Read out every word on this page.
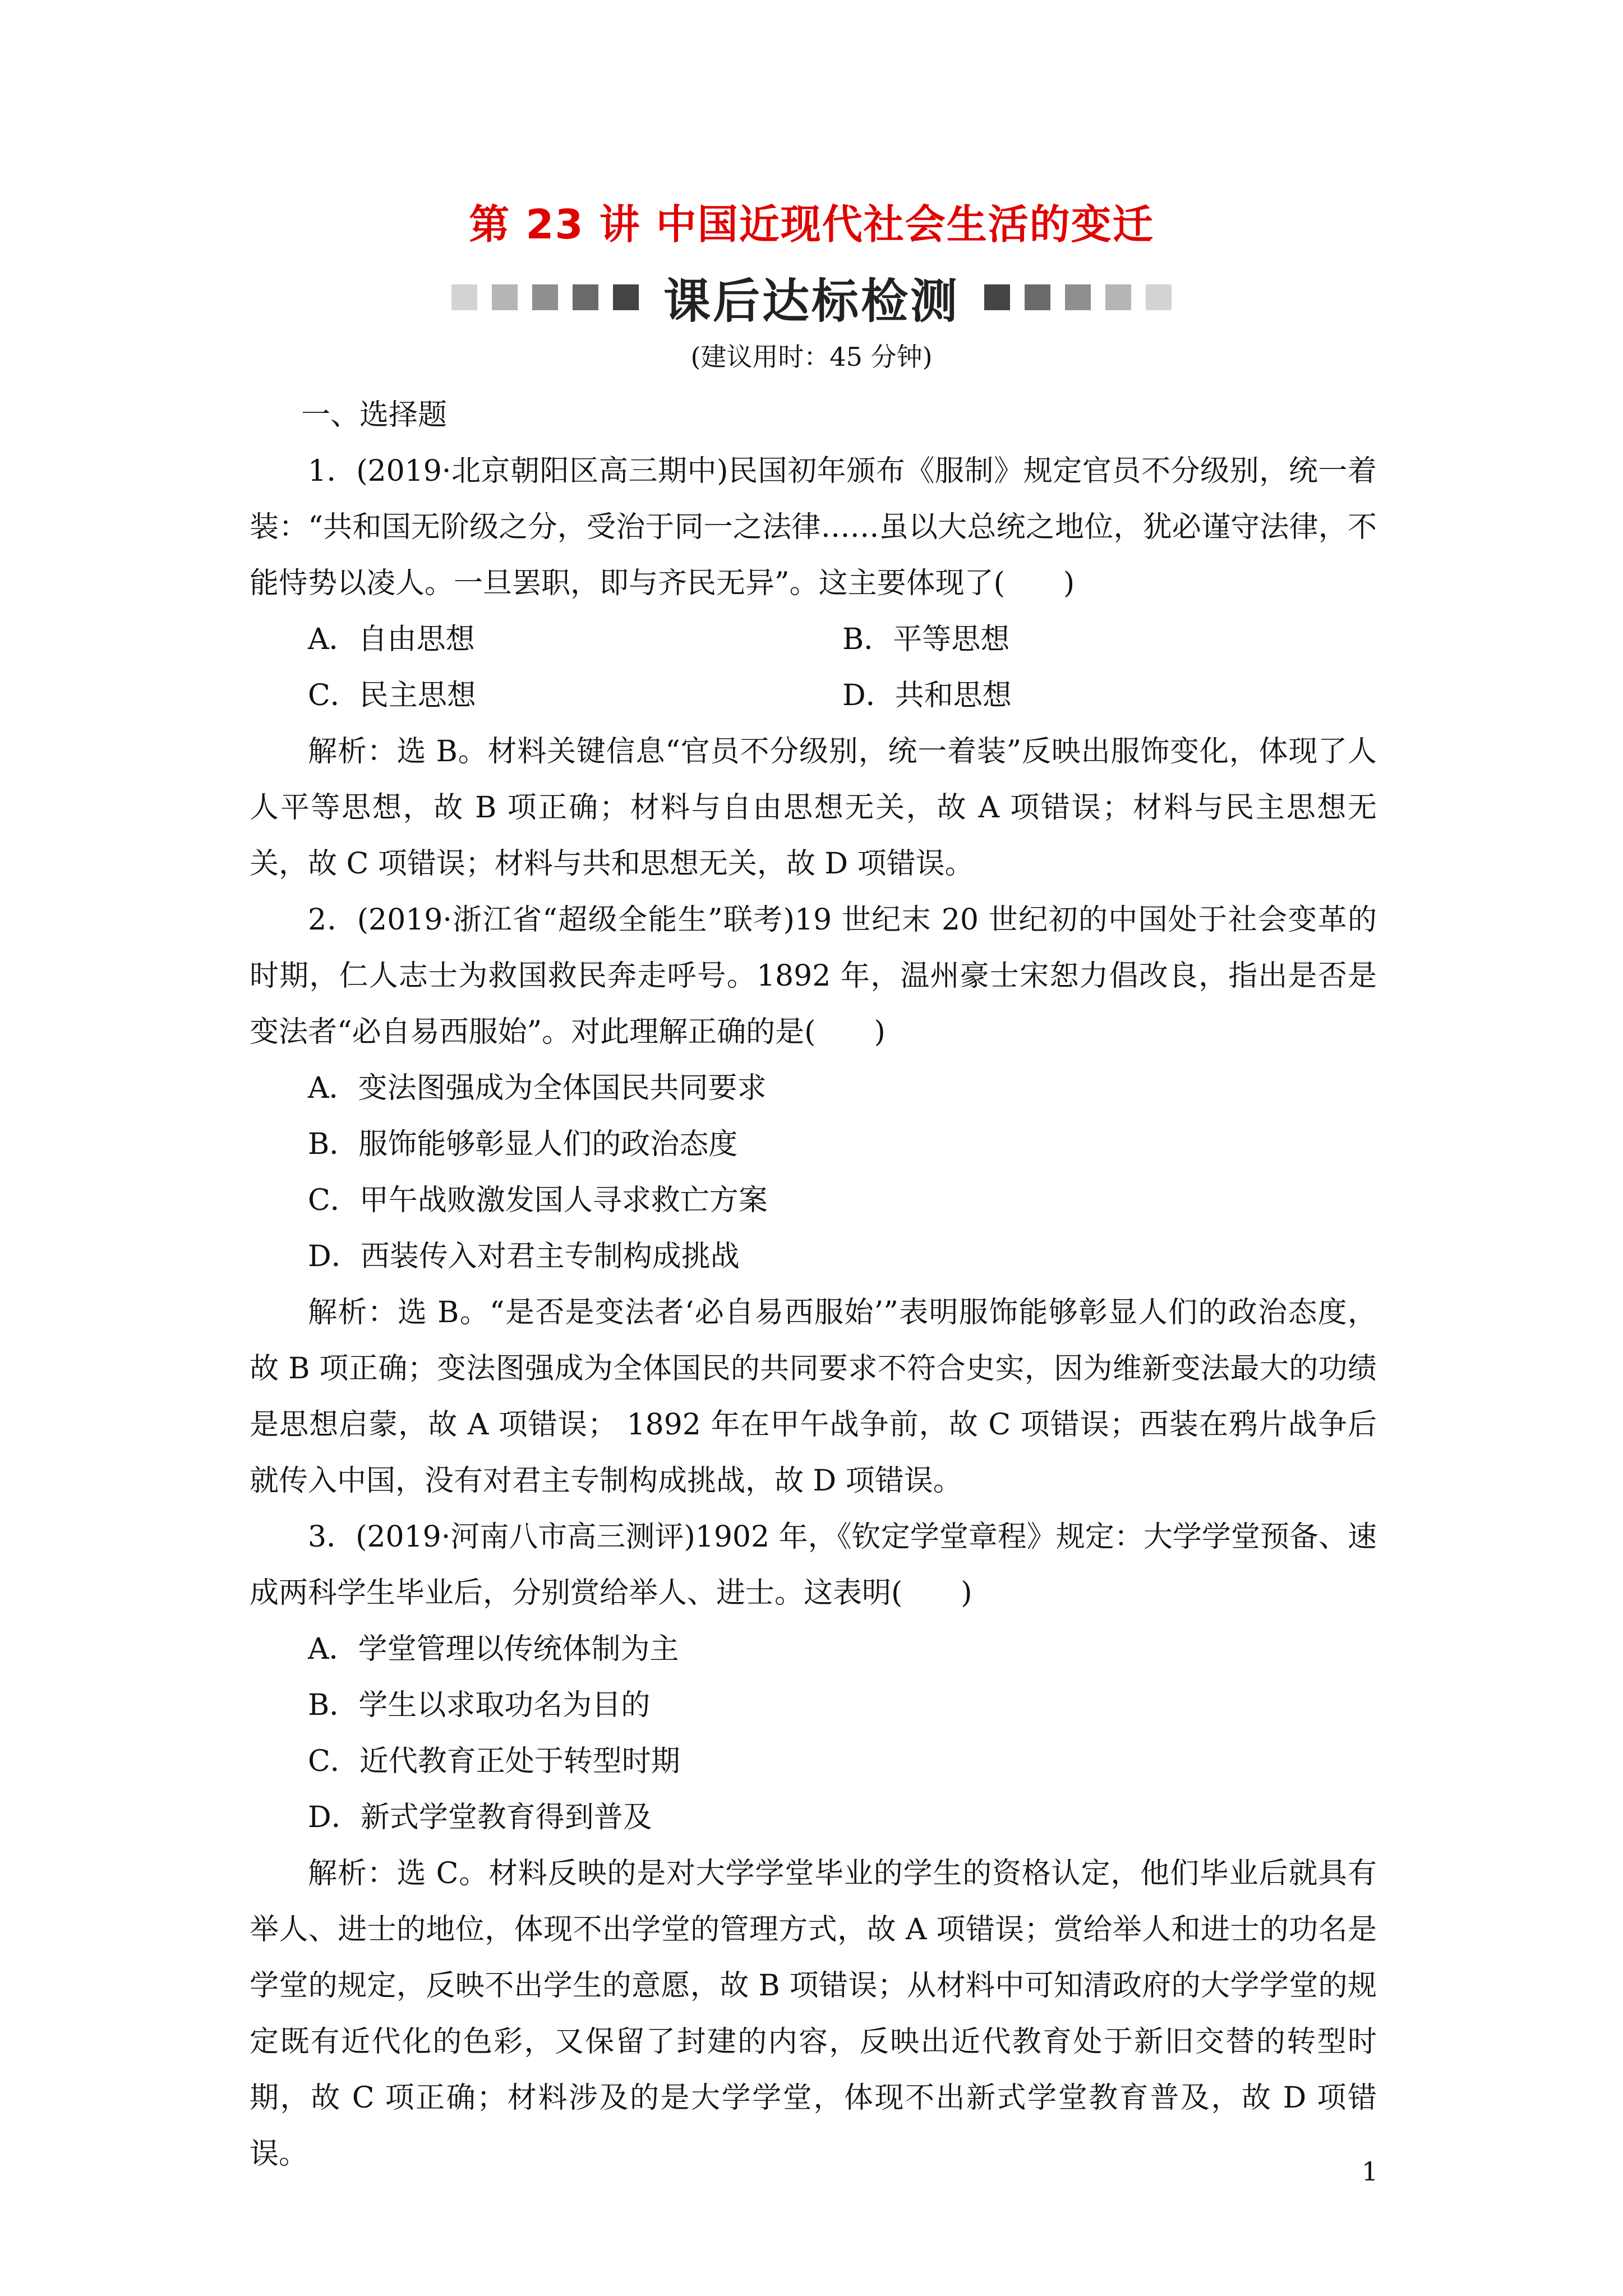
第 23 讲 中国近现代社会生活的变迁
课后达标检测
(建议用时：45 分钟)

一、选择题

1．(2019·北京朝阳区高三期中)民国初年颁布《服制》规定官员不分级别，统一着装：“共和国无阶级之分，受治于同一之法律……虽以大总统之地位，犹必谨守法律，不能恃势以凌人。一旦罢职，即与齐民无异”。这主要体现了(　　)

A．自由思想	B．平等思想
C．民主思想	D．共和思想

解析：选 B。材料关键信息“官员不分级别，统一着装”反映出服饰变化，体现了人人平等思想，故 B 项正确；材料与自由思想无关，故 A 项错误；材料与民主思想无关，故 C 项错误；材料与共和思想无关，故 D 项错误。

2．(2019·浙江省“超级全能生”联考)19 世纪末 20 世纪初的中国处于社会变革的时期，仁人志士为救国救民奔走呼号。1892 年，温州豪士宋恕力倡改良，指出是否是变法者“必自易西服始”。对此理解正确的是(　　)

A．变法图强成为全体国民共同要求

B．服饰能够彰显人们的政治态度

C．甲午战败激发国人寻求救亡方案

D．西装传入对君主专制构成挑战

解析：选 B。“是否是变法者‘必自易西服始’”表明服饰能够彰显人们的政治态度，故 B 项正确；变法图强成为全体国民的共同要求不符合史实，因为维新变法最大的功绩是思想启蒙，故 A 项错误； 1892 年在甲午战争前，故 C 项错误；西装在鸦片战争后就传入中国，没有对君主专制构成挑战，故 D 项错误。

3．(2019·河南八市高三测评)1902 年，《钦定学堂章程》规定：大学学堂预备、速成两科学生毕业后，分别赏给举人、进士。这表明(　　)

A．学堂管理以传统体制为主

B．学生以求取功名为目的

C．近代教育正处于转型时期

D．新式学堂教育得到普及

解析：选 C。材料反映的是对大学学堂毕业的学生的资格认定，他们毕业后就具有举人、进士的地位，体现不出学堂的管理方式，故 A 项错误；赏给举人和进士的功名是学堂的规定，反映不出学生的意愿，故 B 项错误；从材料中可知清政府的大学学堂的规定既有近代化的色彩，又保留了封建的内容，反映出近代教育处于新旧交替的转型时期，故 C 项正确；材料涉及的是大学学堂，体现不出新式学堂教育普及，故 D 项错误。

1
